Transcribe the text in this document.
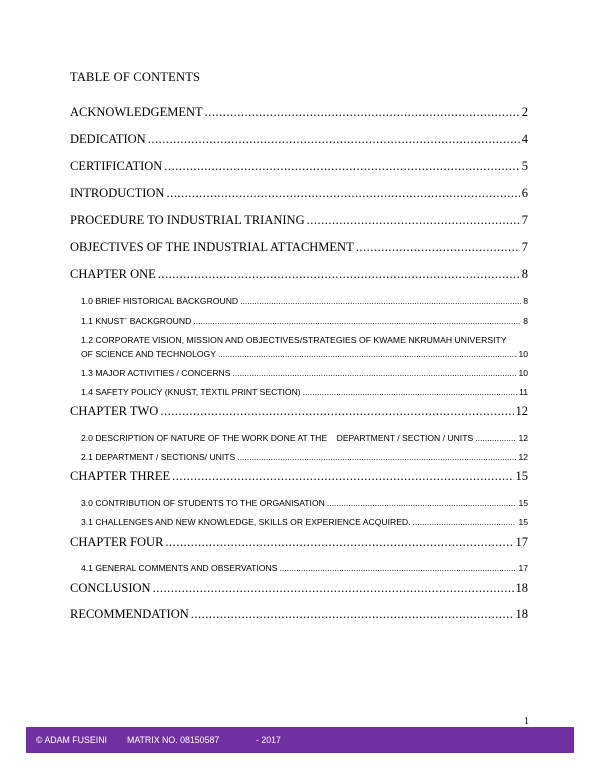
TABLE OF CONTENTS
ACKNOWLEDGEMENT .....	2
DEDICATION .....	4
CERTIFICATION .....	5
INTRODUCTION .....	6
PROCEDURE TO INDUSTRIAL TRIANING .....	7
OBJECTIVES OF THE INDUSTRIAL ATTACHMENT .....	7
CHAPTER ONE .....	8
1.0 BRIEF HISTORICAL BACKGROUND .....	8
1.1 KNUST` BACKGROUND .....	8
1.2 CORPORATE VISION, MISSION AND OBJECTIVES/STRATEGIES OF KWAME NKRUMAH UNIVERSITY
OF SCIENCE AND TECHNOLOGY .....	10
1.3 MAJOR ACTIVITIES / CONCERNS .....	10
1.4 SAFETY POLICY (KNUST, TEXTIL PRINT SECTION) .....	11
CHAPTER TWO .....	12
2.0 DESCRIPTION OF NATURE OF THE WORK DONE AT THE    DEPARTMENT / SECTION / UNITS .....	12
2.1 DEPARTMENT / SECTIONS/ UNITS .....	12
CHAPTER THREE .....	15
3.0 CONTRIBUTION OF STUDENTS TO THE ORGANISATION .....	15
3.1 CHALLENGES AND NEW KNOWLEDGE, SKILLS OR EXPERIENCE ACQUIRED. .....	15
CHAPTER FOUR .....	17
4.1 GENERAL COMMENTS AND OBSERVATIONS .....	17
CONCLUSION .....	18
RECOMMENDATION .....	18
1
© ADAM FUSEINI MATRIX NO. 08150587	- 2017
